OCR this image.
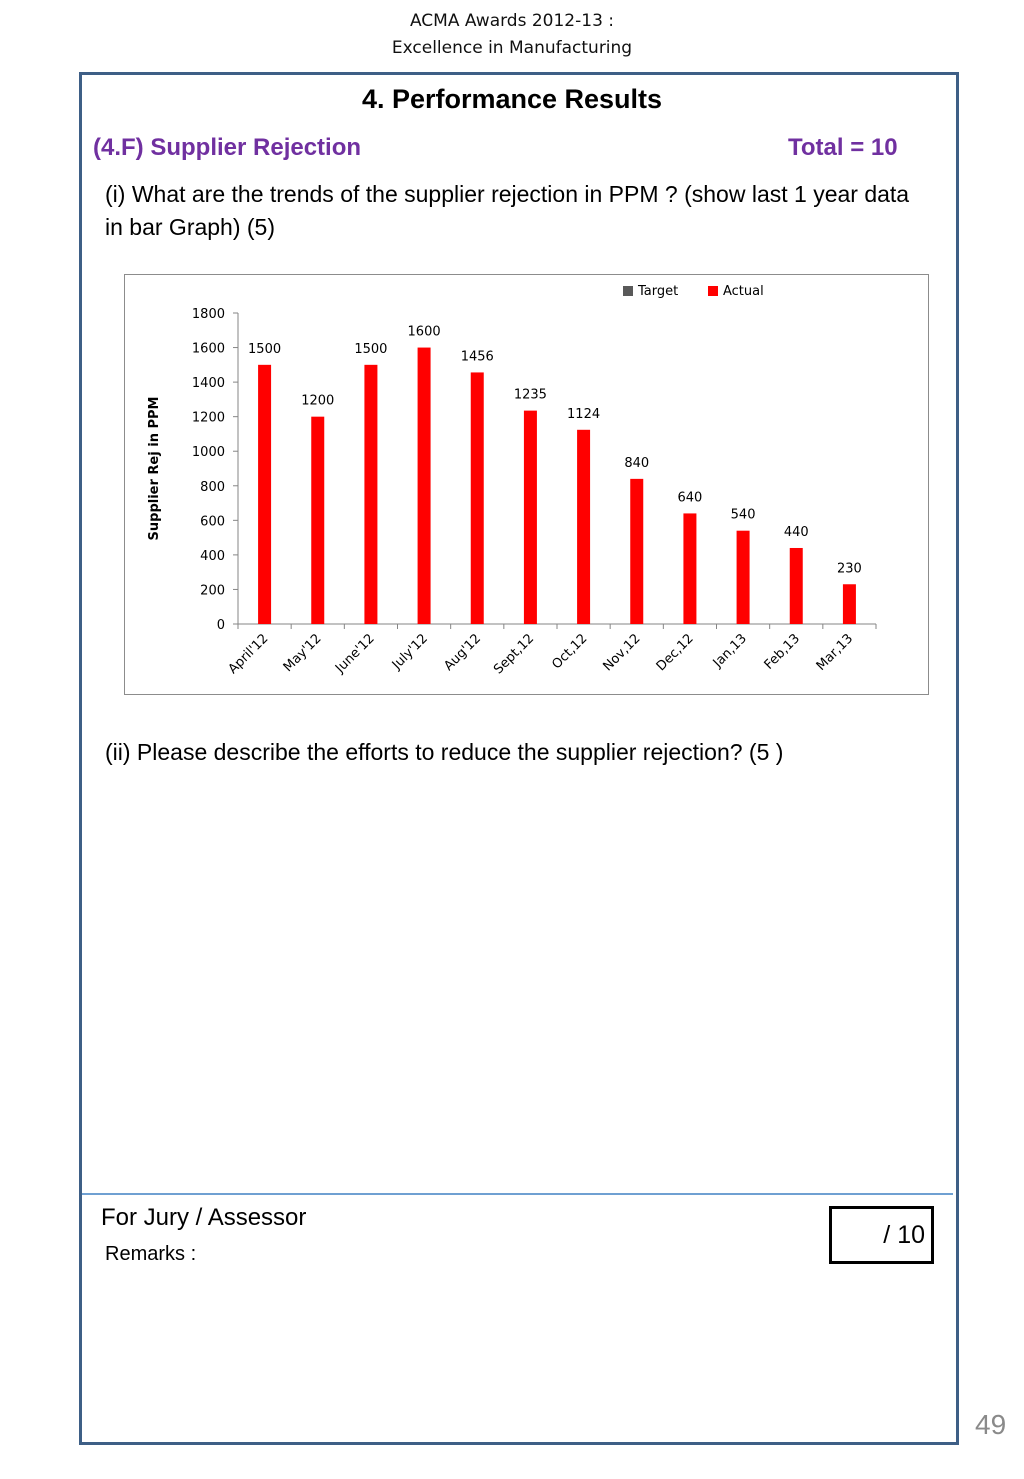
ACMA Awards 2012-13 :
Excellence in Manufacturing
4. Performance Results
(4.F) Supplier Rejection	Total = 10
(i) What are the trends of the supplier rejection in PPM ? (show last 1 year data in bar Graph) (5)
0
200
400
600
800
1000
1200
1400
1600
1800
Supplier Rej in PPM
1500
April'12
1200
May'12
1500
June'12
1600
July'12
1456
Aug'12
1235
Sept,12
1124
Oct,12
840
Nov,12
640
Dec,12
540
Jan,13
440
Feb,13
230
Mar,13
Target	Actual
(ii) Please describe the efforts to reduce the supplier rejection? (5 )
For Jury / Assessor
Remarks :
/ 10
49
